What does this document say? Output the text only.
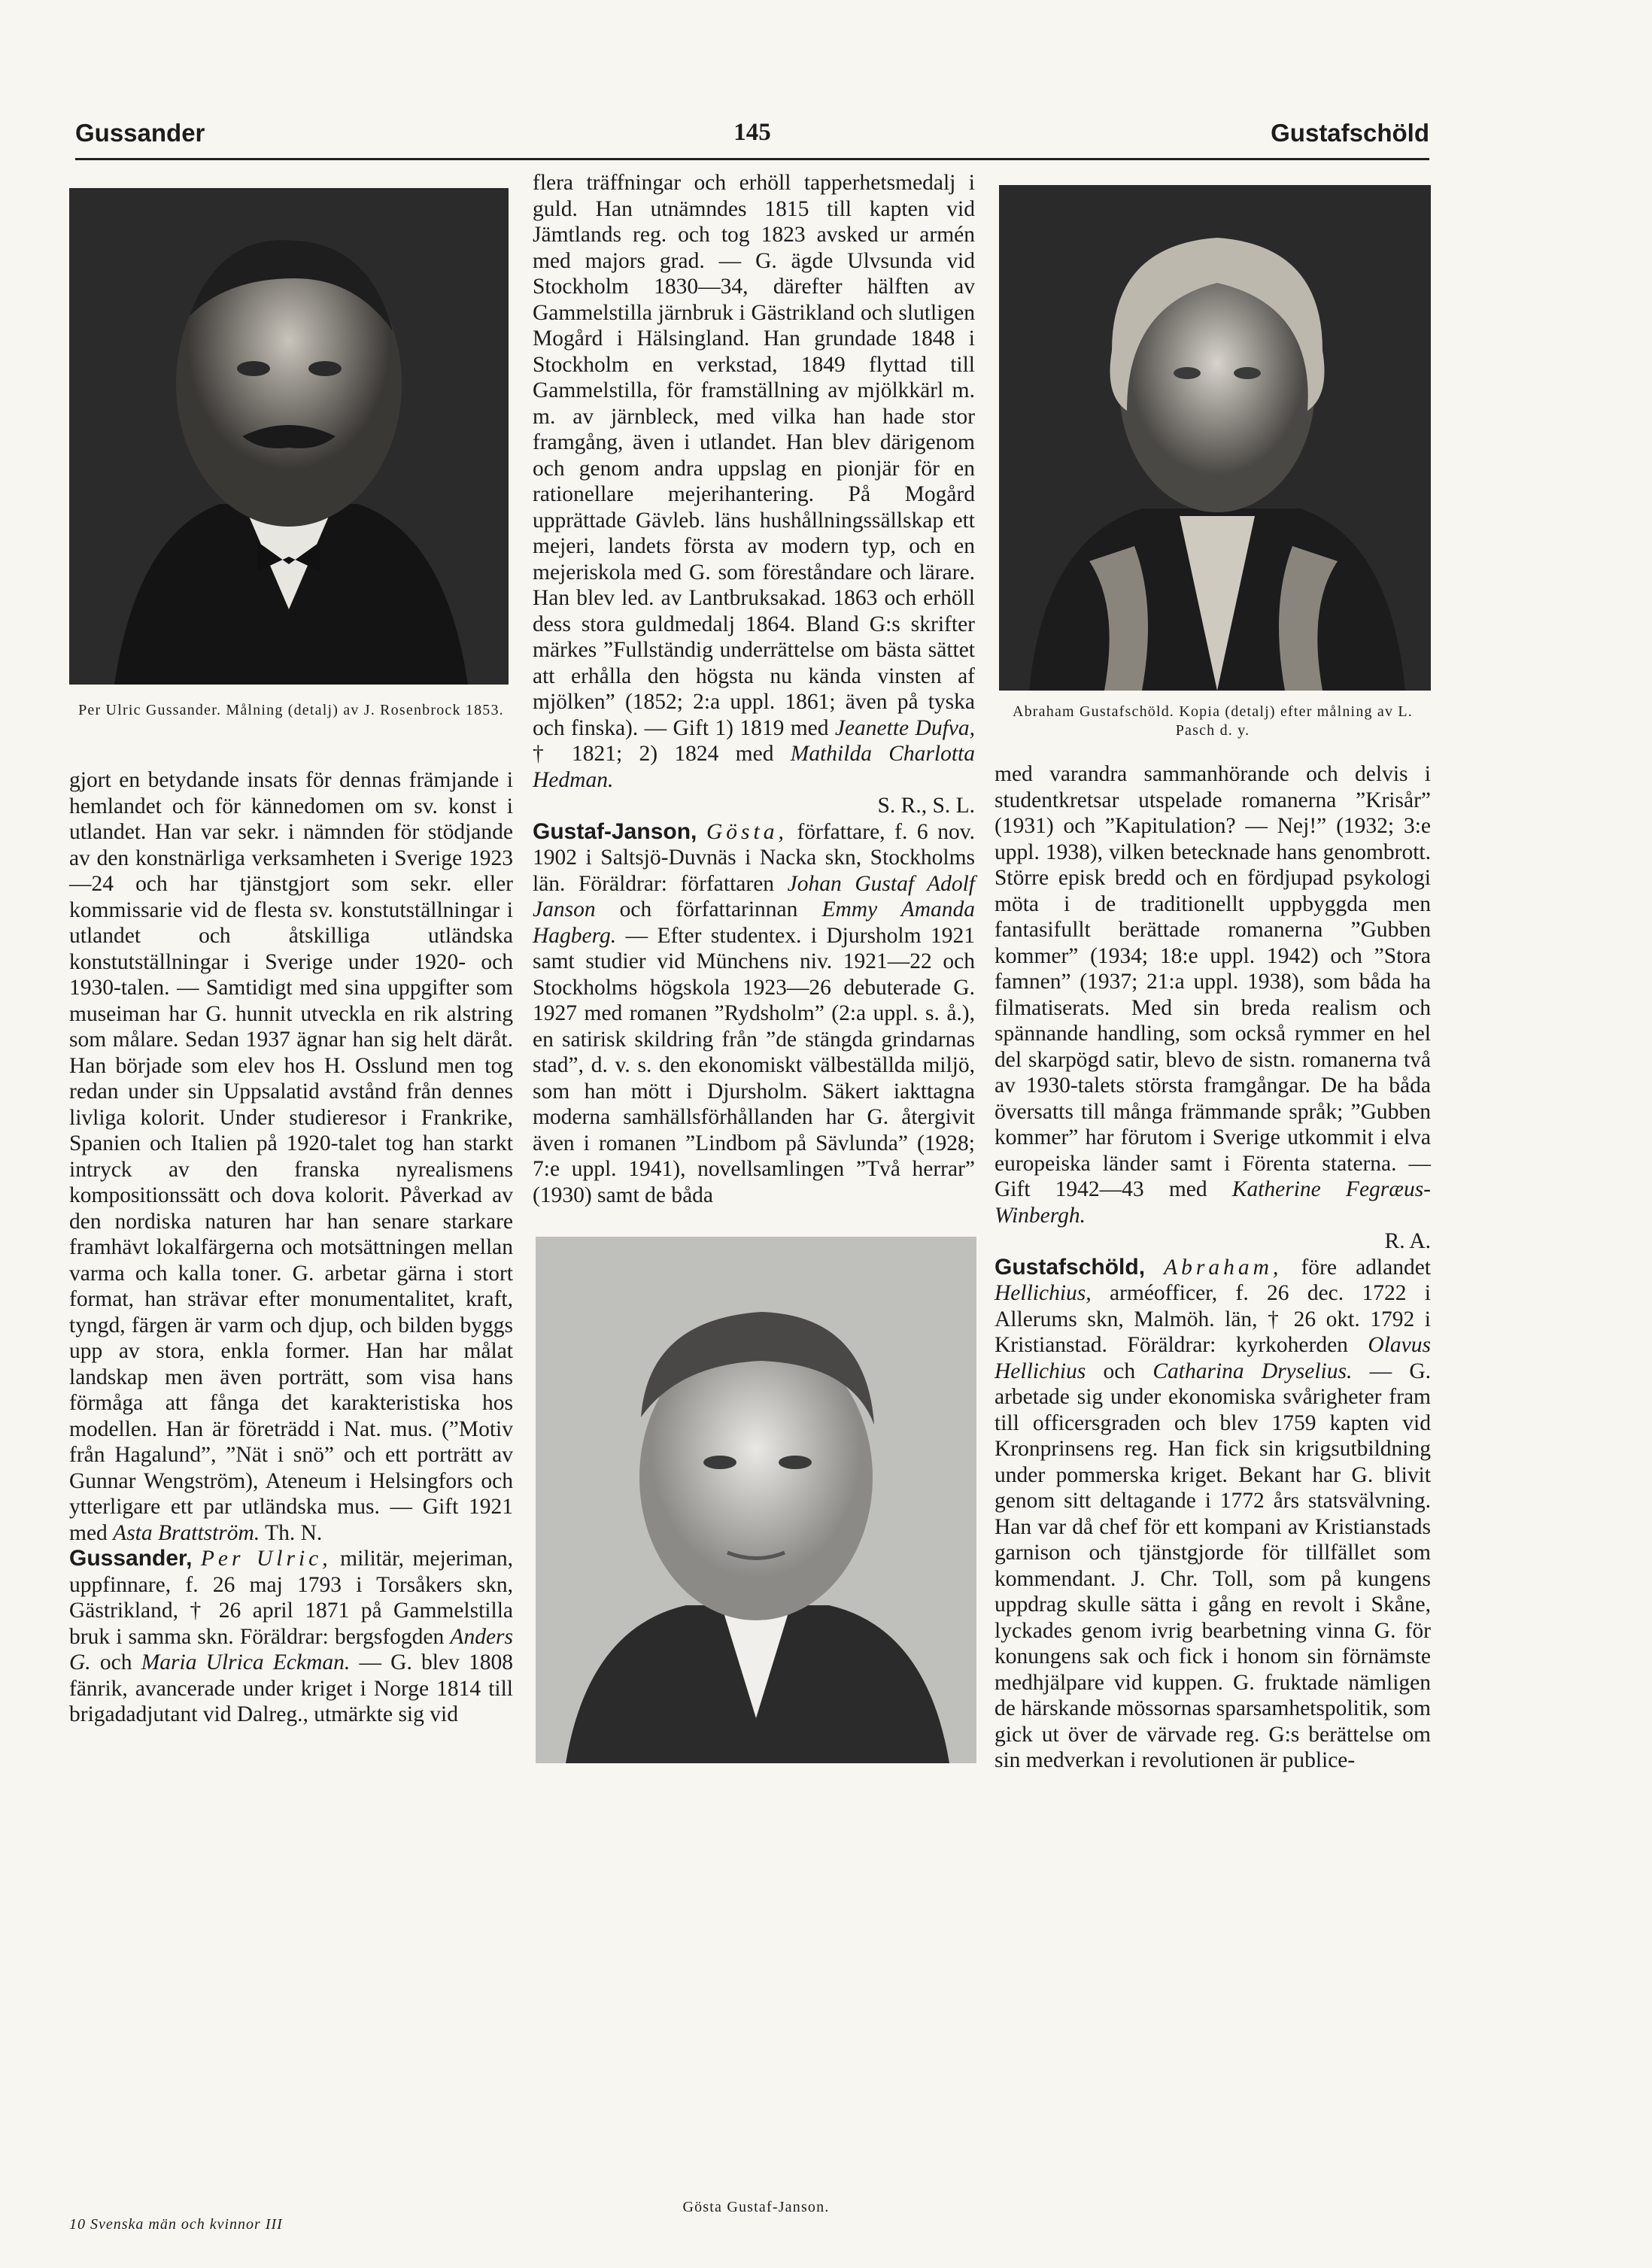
Gussander	145	Gustafschöld
Per Ulric Gussander. Målning (detalj) av J. Rosenbrock 1853.	Abraham Gustafschöld. Kopia (detalj) efter målning av L. Pasch d. y.
Gösta Gustaf-Janson.

gjort en betydande insats för dennas främjande i hemlandet och för kännedomen om sv. konst i utlandet. Han var sekr. i nämnden för stödjande av den konstnärliga verksamheten i Sverige 1923—24 och har tjänstgjort som sekr. eller kommissarie vid de flesta sv. konstutställningar i utlandet och åtskilliga utländska konstutställningar i Sverige under 1920- och 1930-talen. — Samtidigt med sina uppgifter som museiman har G. hunnit utveckla en rik alstring som målare. Sedan 1937 ägnar han sig helt däråt. Han började som elev hos H. Osslund men tog redan under sin Uppsalatid avstånd från dennes livliga kolorit. Under studieresor i Frankrike, Spanien och Italien på 1920-talet tog han starkt intryck av den franska nyrealismens kompositionssätt och dova kolorit. Påverkad av den nordiska naturen har han senare starkare framhävt lokalfärgerna och motsättningen mellan varma och kalla toner. G. arbetar gärna i stort format, han strävar efter monumentalitet, kraft, tyngd, färgen är varm och djup, och bilden byggs upp av stora, enkla former. Han har målat landskap men även porträtt, som visa hans förmåga att fånga det karakteristiska hos modellen. Han är företrädd i Nat. mus. (”Motiv från Hagalund”, ”Nät i snö” och ett porträtt av Gunnar Wengström), Ateneum i Helsingfors och ytterligare ett par utländska mus. — Gift 1921 med Asta Brattström. Th. N.

Gussander, Per Ulric, militär, mejeriman, uppfinnare, f. 26 maj 1793 i Torsåkers skn, Gästrikland, † 26 april 1871 på Gammelstilla bruk i samma skn. Föräldrar: bergsfogden Anders G. och Maria Ulrica Eckman. — G. blev 1808 fänrik, avancerade under kriget i Norge 1814 till brigadadjutant vid Dalreg., utmärkte sig vid

flera träffningar och erhöll tapperhetsmedalj i guld. Han utnämndes 1815 till kapten vid Jämtlands reg. och tog 1823 avsked ur armén med majors grad. — G. ägde Ulvsunda vid Stockholm 1830—34, därefter hälften av Gammelstilla järnbruk i Gästrikland och slutligen Mogård i Hälsingland. Han grundade 1848 i Stockholm en verkstad, 1849 flyttad till Gammelstilla, för framställning av mjölkkärl m. m. av järnbleck, med vilka han hade stor framgång, även i utlandet. Han blev därigenom och genom andra uppslag en pionjär för en rationellare mejerihantering. På Mogård upprättade Gävleb. läns hushållningssällskap ett mejeri, landets första av modern typ, och en mejeriskola med G. som föreståndare och lärare. Han blev led. av Lantbruksakad. 1863 och erhöll dess stora guldmedalj 1864. Bland G:s skrifter märkes ”Fullständig underrättelse om bästa sättet att erhålla den högsta nu kända vinsten af mjölken” (1852; 2:a uppl. 1861; även på tyska och finska). — Gift 1) 1819 med Jeanette Dufva, † 1821; 2) 1824 med Mathilda Charlotta Hedman.

S. R., S. L.

Gustaf-Janson, Gösta, författare, f. 6 nov. 1902 i Saltsjö-Duvnäs i Nacka skn, Stockholms län. Föräldrar: författaren Johan Gustaf Adolf Janson och författarinnan Emmy Amanda Hagberg. — Efter studentex. i Djursholm 1921 samt studier vid Münchens niv. 1921—22 och Stockholms högskola 1923—26 debuterade G. 1927 med romanen ”Rydsholm” (2:a uppl. s. å.), en satirisk skildring från ”de stängda grindarnas stad”, d. v. s. den ekonomiskt välbeställda miljö, som han mött i Djursholm. Säkert iakttagna moderna samhällsförhållanden har G. återgivit även i romanen ”Lindbom på Sävlunda” (1928; 7:e uppl. 1941), novellsamlingen ”Två herrar” (1930) samt de båda

med varandra sammanhörande och delvis i studentkretsar utspelade romanerna ”Krisår” (1931) och ”Kapitulation? — Nej!” (1932; 3:e uppl. 1938), vilken betecknade hans genombrott. Större episk bredd och en fördjupad psykologi möta i de traditionellt uppbyggda men fantasifullt berättade romanerna ”Gubben kommer” (1934; 18:e uppl. 1942) och ”Stora famnen” (1937; 21:a uppl. 1938), som båda ha filmatiserats. Med sin breda realism och spännande handling, som också rymmer en hel del skarpögd satir, blevo de sistn. romanerna två av 1930-talets största framgångar. De ha båda översatts till många främmande språk; ”Gubben kommer” har förutom i Sverige utkommit i elva europeiska länder samt i Förenta staterna. — Gift 1942—43 med Katherine Fegræus-Winbergh.

R. A.

Gustafschöld, Abraham, före adlandet Hellichius, arméofficer, f. 26 dec. 1722 i Allerums skn, Malmöh. län, † 26 okt. 1792 i Kristianstad. Föräldrar: kyrkoherden Olavus Hellichius och Catharina Dryselius. — G. arbetade sig under ekonomiska svårigheter fram till officersgraden och blev 1759 kapten vid Kronprinsens reg. Han fick sin krigsutbildning under pommerska kriget. Bekant har G. blivit genom sitt deltagande i 1772 års statsvälvning. Han var då chef för ett kompani av Kristianstads garnison och tjänstgjorde för tillfället som kommendant. J. Chr. Toll, som på kungens uppdrag skulle sätta i gång en revolt i Skåne, lyckades genom ivrig bearbetning vinna G. för konungens sak och fick i honom sin förnämste medhjälpare vid kuppen. G. fruktade nämligen de härskande mössornas sparsamhetspolitik, som gick ut över de värvade reg. G:s berättelse om sin medverkan i revolutionen är publice-

10 Svenska män och kvinnor III
